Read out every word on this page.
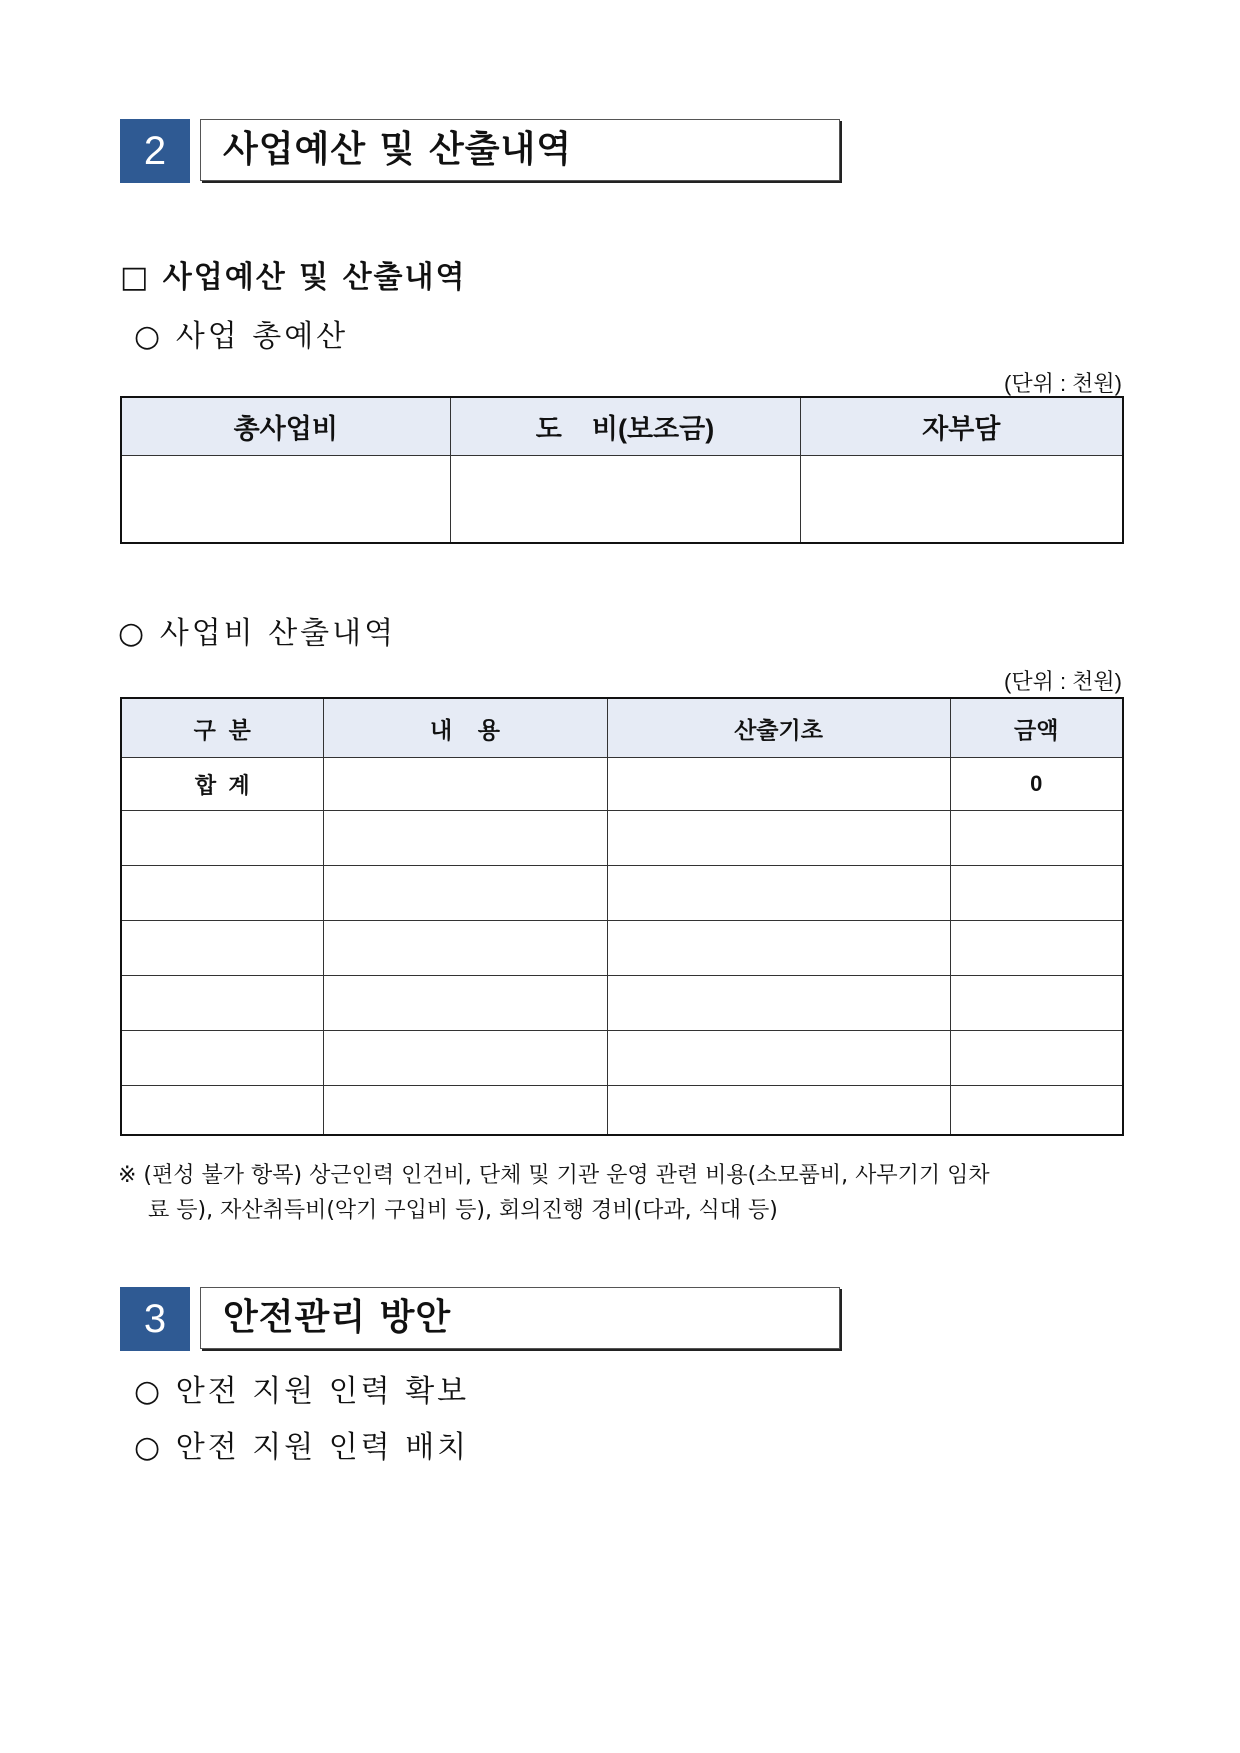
2	사업예산 및 산출내역
□ 사업예산 및 산출내역
○ 사업 총예산
(단위 : 천원)
총사업비	도    비(보조금)	자부담

○ 사업비 산출내역
(단위 : 천원)
구  분	내    용	산출기초	금액
합  계			0

※ (편성 불가 항목) 상근인력 인건비, 단체 및 기관 운영 관련 비용(소모품비, 사무기기 임차
료 등), 자산취득비(악기 구입비 등), 회의진행 경비(다과, 식대 등)
3	안전관리 방안
○ 안전 지원 인력 확보
○ 안전 지원 인력 배치
